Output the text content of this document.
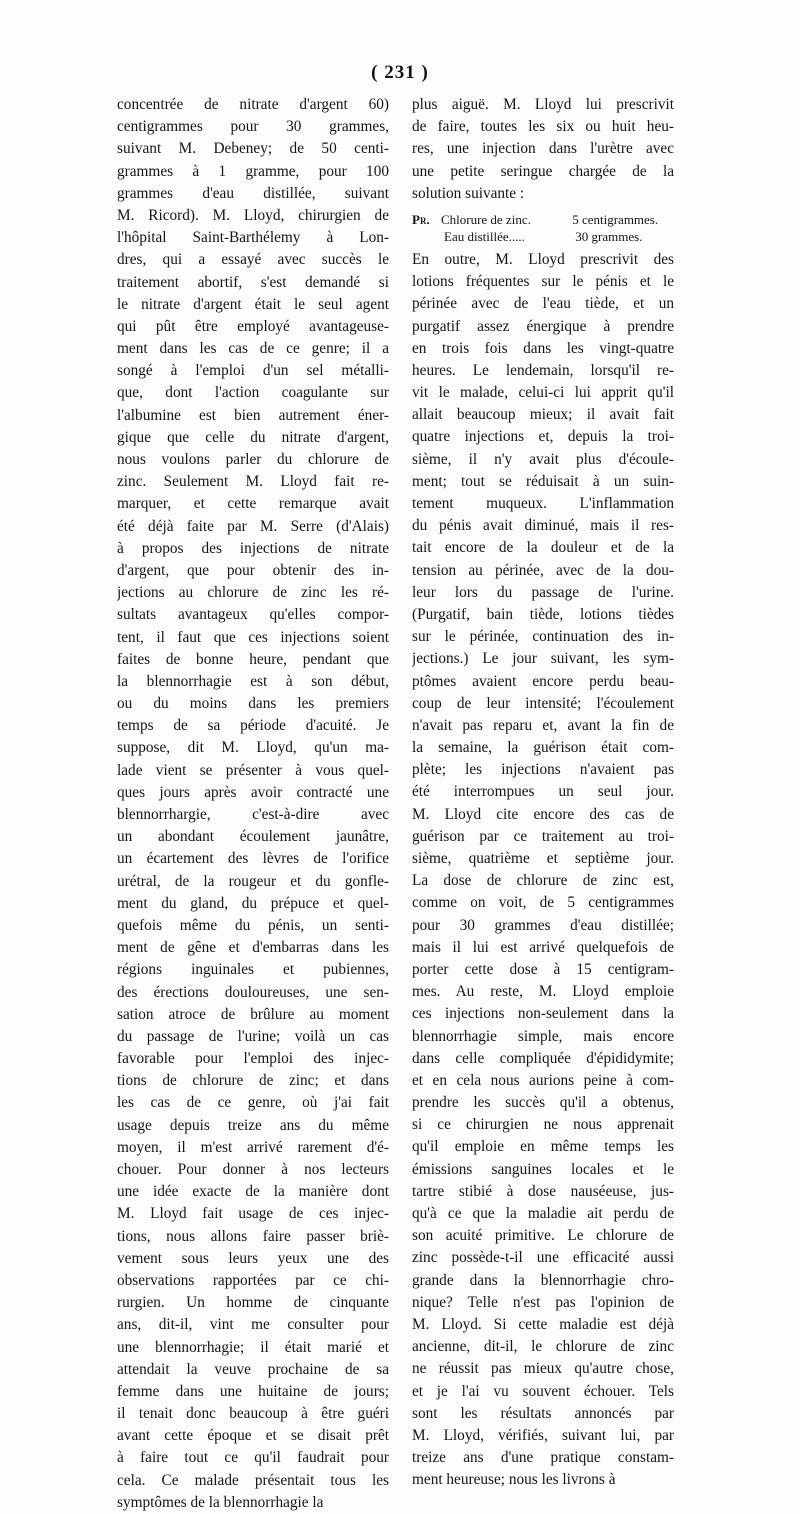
( 231 )
concentrée de nitrate d'argent 60)
centigrammes pour 30 grammes,
suivant M. Debeney; de 50 centi-
grammes à 1 gramme, pour 100
grammes d'eau distillée, suivant
M. Ricord). M. Lloyd, chirurgien de
l'hôpital Saint-Barthélemy à Lon-
dres, qui a essayé avec succès le
traitement abortif, s'est demandé si
le nitrate d'argent était le seul agent
qui pût être employé avantageuse-
ment dans les cas de ce genre; il a
songé à l'emploi d'un sel métalli-
que, dont l'action coagulante sur
l'albumine est bien autrement éner-
gique que celle du nitrate d'argent,
nous voulons parler du chlorure de
zinc. Seulement M. Lloyd fait re-
marquer, et cette remarque avait
été déjà faite par M. Serre (d'Alais)
à propos des injections de nitrate
d'argent, que pour obtenir des in-
jections au chlorure de zinc les ré-
sultats avantageux qu'elles compor-
tent, il faut que ces injections soient
faites de bonne heure, pendant que
la blennorrhagie est à son début,
ou du moins dans les premiers
temps de sa période d'acuité. Je
suppose, dit M. Lloyd, qu'un ma-
lade vient se présenter à vous quel-
ques jours après avoir contracté une
blennorrhargie, c'est-à-dire avec
un abondant écoulement jaunâtre,
un écartement des lèvres de l'orifice
urétral, de la rougeur et du gonfle-
ment du gland, du prépuce et quel-
quefois même du pénis, un senti-
ment de gêne et d'embarras dans les
régions inguinales et pubiennes,
des érections douloureuses, une sen-
sation atroce de brûlure au moment
du passage de l'urine; voilà un cas
favorable pour l'emploi des injec-
tions de chlorure de zinc; et dans
les cas de ce genre, où j'ai fait
usage depuis treize ans du même
moyen, il m'est arrivé rarement d'é-
chouer. Pour donner à nos lecteurs
une idée exacte de la manière dont
M. Lloyd fait usage de ces injec-
tions, nous allons faire passer briè-
vement sous leurs yeux une des
observations rapportées par ce chi-
rurgien. Un homme de cinquante
ans, dit-il, vint me consulter pour
une blennorrhagie; il était marié et
attendait la veuve prochaine de sa
femme dans une huitaine de jours;
il tenait donc beaucoup à être guéri
avant cette époque et se disait prêt
à faire tout ce qu'il faudrait pour
cela. Ce malade présentait tous les
symptômes de la blennorrhagie la
plus aiguë. M. Lloyd lui prescrivit
de faire, toutes les six ou huit heu-
res, une injection dans l'urètre avec
une petite seringue chargée de la
solution suivante :
Pr. Chlorure de zinc.	5 centigrammes.
Eau distillée.....	30 grammes.
En outre, M. Lloyd prescrivit des
lotions fréquentes sur le pénis et le
périnée avec de l'eau tiède, et un
purgatif assez énergique à prendre
en trois fois dans les vingt-quatre
heures. Le lendemain, lorsqu'il re-
vit le malade, celui-ci lui apprit qu'il
allait beaucoup mieux; il avait fait
quatre injections et, depuis la troi-
sième, il n'y avait plus d'écoule-
ment; tout se réduisait à un suin-
tement muqueux. L'inflammation
du pénis avait diminué, mais il res-
tait encore de la douleur et de la
tension au périnée, avec de la dou-
leur lors du passage de l'urine.
(Purgatif, bain tiède, lotions tièdes
sur le périnée, continuation des in-
jections.) Le jour suivant, les sym-
ptômes avaient encore perdu beau-
coup de leur intensité; l'écoulement
n'avait pas reparu et, avant la fin de
la semaine, la guérison était com-
plète; les injections n'avaient pas
été interrompues un seul jour.
M. Lloyd cite encore des cas de
guérison par ce traitement au troi-
sième, quatrième et septième jour.
La dose de chlorure de zinc est,
comme on voit, de 5 centigrammes
pour 30 grammes d'eau distillée;
mais il lui est arrivé quelquefois de
porter cette dose à 15 centigram-
mes. Au reste, M. Lloyd emploie
ces injections non-seulement dans la
blennorrhagie simple, mais encore
dans celle compliquée d'épididymite;
et en cela nous aurions peine à com-
prendre les succès qu'il a obtenus,
si ce chirurgien ne nous apprenait
qu'il emploie en même temps les
émissions sanguines locales et le
tartre stibié à dose nauséeuse, jus-
qu'à ce que la maladie ait perdu de
son acuité primitive. Le chlorure de
zinc possède-t-il une efficacité aussi
grande dans la blennorrhagie chro-
nique? Telle n'est pas l'opinion de
M. Lloyd. Si cette maladie est déjà
ancienne, dit-il, le chlorure de zinc
ne réussit pas mieux qu'autre chose,
et je l'ai vu souvent échouer. Tels
sont les résultats annoncés par
M. Lloyd, vérifiés, suivant lui, par
treize ans d'une pratique constam-
ment heureuse; nous les livrons à
